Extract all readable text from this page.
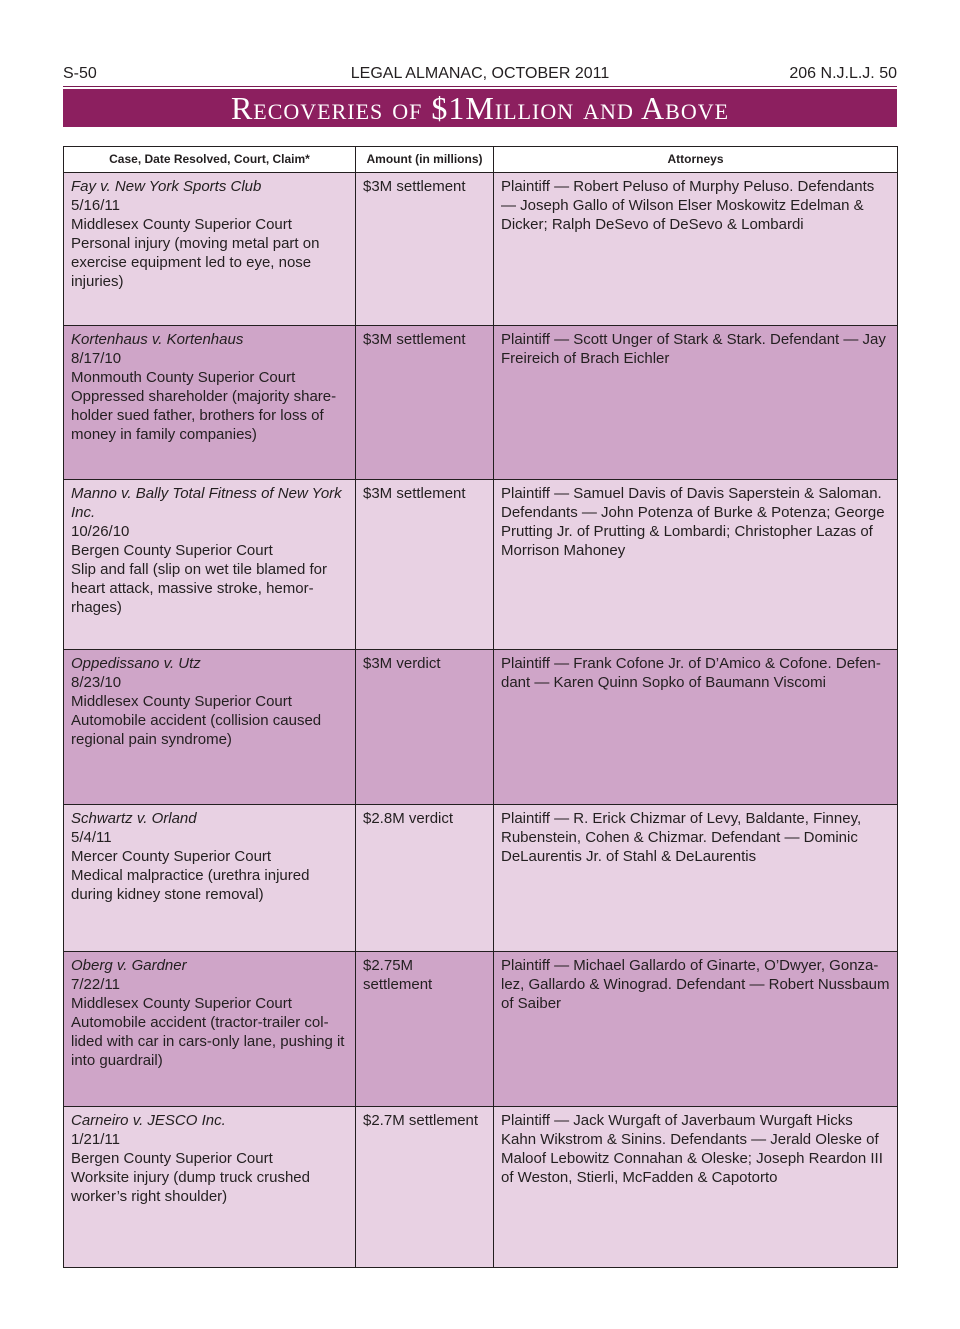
S-50	LEGAL ALMANAC, OCTOBER 2011	206 N.J.L.J. 50
Recoveries of $1Million and Above
Case, Date Resolved, Court, Claim*	Amount (in millions)	Attorneys

Fay v. New York Sports Club
5/16/11
Middlesex County Superior Court
Personal injury (moving metal part on exercise equipment led to eye, nose injuries)	$3M settlement	Plaintiff — Robert Peluso of Murphy Peluso. Defendants — Joseph Gallo of Wilson Elser Moskowitz Edelman & Dicker; Ralph DeSevo of DeSevo & Lombardi

Kortenhaus v. Kortenhaus
8/17/10
Monmouth County Superior Court
Oppressed shareholder (majority share-holder sued father, brothers for loss of money in family companies)	$3M settlement	Plaintiff — Scott Unger of Stark & Stark. Defendant — Jay Freireich of Brach Eichler

Manno v. Bally Total Fitness of New York Inc.
10/26/10
Bergen County Superior Court
Slip and fall (slip on wet tile blamed for heart attack, massive stroke, hemor-rhages)	$3M settlement	Plaintiff — Samuel Davis of Davis Saperstein & Saloman. Defendants — John Potenza of Burke & Potenza; George Prutting Jr. of Prutting & Lombardi; Christopher Lazas of Morrison Mahoney

Oppedissano v. Utz
8/23/10
Middlesex County Superior Court
Automobile accident (collision caused regional pain syndrome)	$3M verdict	Plaintiff — Frank Cofone Jr. of D’Amico & Cofone. Defen-dant — Karen Quinn Sopko of Baumann Viscomi

Schwartz v. Orland
5/4/11
Mercer County Superior Court
Medical malpractice (urethra injured during kidney stone removal)	$2.8M verdict	Plaintiff — R. Erick Chizmar of Levy, Baldante, Finney, Rubenstein, Cohen & Chizmar. Defendant — Dominic DeLaurentis Jr. of Stahl & DeLaurentis

Oberg v. Gardner
7/22/11
Middlesex County Superior Court
Automobile accident (tractor-trailer col-lided with car in cars-only lane, pushing it into guardrail)	$2.75M settlement	Plaintiff — Michael Gallardo of Ginarte, O’Dwyer, Gonza-lez, Gallardo & Winograd. Defendant — Robert Nussbaum of Saiber

Carneiro v. JESCO Inc.
1/21/11
Bergen County Superior Court
Worksite injury (dump truck crushed worker’s right shoulder)	$2.7M settlement	Plaintiff — Jack Wurgaft of Javerbaum Wurgaft Hicks Kahn Wikstrom & Sinins. Defendants — Jerald Oleske of Maloof Lebowitz Connahan & Oleske; Joseph Reardon III of Weston, Stierli, McFadden & Capotorto
